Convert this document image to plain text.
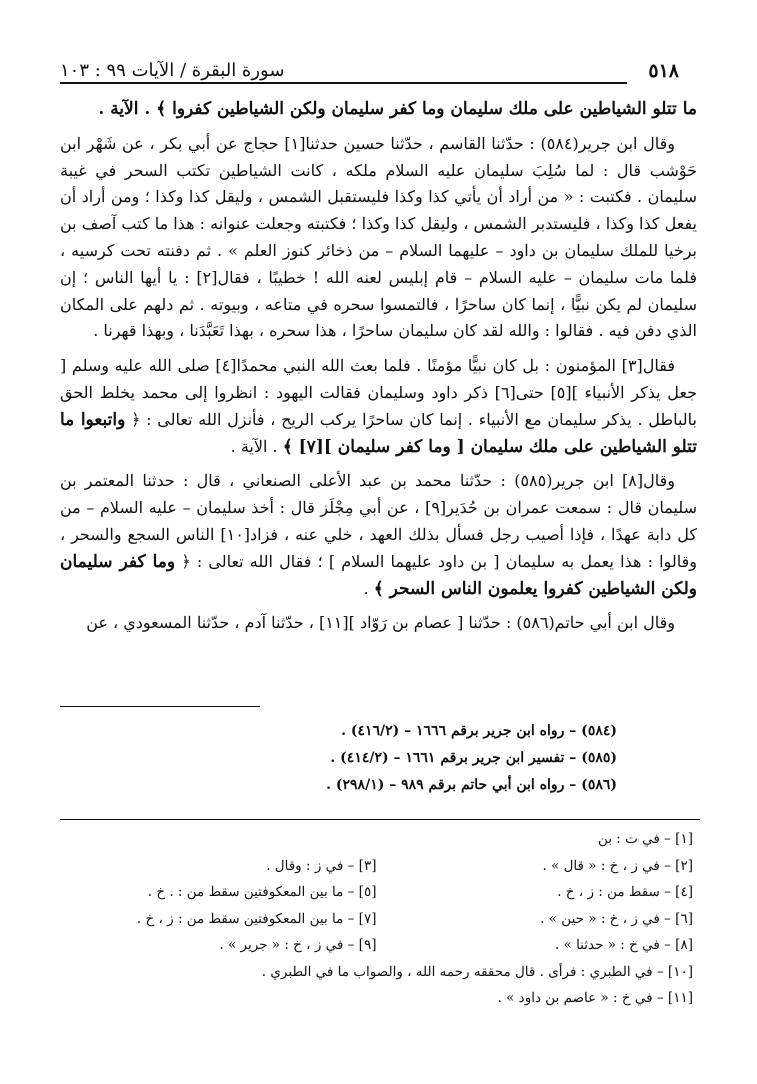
٥١٨
سورة البقرة / الآيات ٩٩ : ١٠٣

ما تتلو الشياطين على ملك سليمان وما كفر سليمان ولكن الشياطين كفروا ﴾ . الآية .

وقال ابن جرير(٥٨٤) : حدّثنا القاسم ، حدّثنا حسين حدثنا[١] حجاج عن أبي بكر ، عن شَهْر ابن حَوْشب قال : لما سُلِبَ سليمان عليه السلام ملكه ، كانت الشياطين تكتب السحر في غيبة سليمان . فكتبت : « من أراد أن يأتي كذا وكذا فليستقبل الشمس ، وليقل كذا وكذا ؛ ومن أراد أن يفعل كذا وكذا ، فليستدبر الشمس ، وليقل كذا وكذا ؛ فكتبته وجعلت عنوانه : هذا ما كتب آصف بن برخيا للملك سليمان بن داود – عليهما السلام – من ذخائر كنوز العلم » . ثم دفنته تحت كرسيه ، فلما مات سليمان – عليه السلام – قام إبليس لعنه الله ! خطيبًا ، فقال[٢] : يا أيها الناس ؛ إن سليمان لم يكن نبيًّا ، إنما كان ساحرًا ، فالتمسوا سحره في متاعه ، وبيوته . ثم دلهم على المكان الذي دفن فيه . فقالوا : والله لقد كان سليمان ساحرًا ، هذا سحره ، بهذا تَعَبَّدَنا ، وبهذا قهرنا .

فقال[٣] المؤمنون : بل كان نبيًّا مؤمنًا . فلما بعث الله النبي محمدًا[٤] صلى الله عليه وسلم [ جعل يذكر الأنبياء ][٥] حتى[٦] ذكر داود وسليمان فقالت اليهود : انظروا إلى محمد يخلط الحق بالباطل . يذكر سليمان مع الأنبياء . إنما كان ساحرًا يركب الريح ، فأنزل الله تعالى : ﴿ واتبعوا ما تتلو الشياطين على ملك سليمان [ وما كفر سليمان ][٧] ﴾ . الآية .

وقال[٨] ابن جرير(٥٨٥) : حدّثنا محمد بن عبد الأعلى الصنعاني ، قال : حدثنا المعتمر بن سليمان قال : سمعت عمران بن حُدَير[٩] ، عن أبي مِجْلَز قال : أخذ سليمان – عليه السلام – من كل دابة عهدًا ، فإذا أصيب رجل فسأل بذلك العهد ، خلي عنه ، فزاد[١٠] الناس السجع والسحر ، وقالوا : هذا يعمل به سليمان [ بن داود عليهما السلام ] ؛ فقال الله تعالى : ﴿ وما كفر سليمان ولكن الشياطين كفروا يعلمون الناس السحر ﴾ .

وقال ابن أبي حاتم(٥٨٦) : حدّثنا [ عصام بن رَوّاد ][١١] ، حدّثنا آدم ، حدّثنا المسعودي ، عن

(٥٨٤) – رواه ابن جرير برقم ١٦٦٦ – (٤١٦/٢) .
(٥٨٥) – تفسير ابن جرير برقم ١٦٦١ – (٤١٤/٢) .
(٥٨٦) – رواه ابن أبي حاتم برقم ٩٨٩ – (٢٩٨/١) .
[١] – في ت : بن
[٢] – في ز ، خ : « قال » .
[٣] – في ز : وقال .
[٤] – سقط من : ز ، خ .
[٥] – ما بين المعكوفتين سقط من : . خ .
[٦] – في ز ، خ : « حين » .
[٧] – ما بين المعكوفتين سقط من : ز ، خ .
[٨] – في خ : « حدثنا » .
[٩] – في ز ، خ : « جرير » .
[١٠] – في الطبري : فرأى . قال محققه رحمه الله ، والصواب ما في الطبري .
[١١] – في خ : « عاصم بن داود » .
